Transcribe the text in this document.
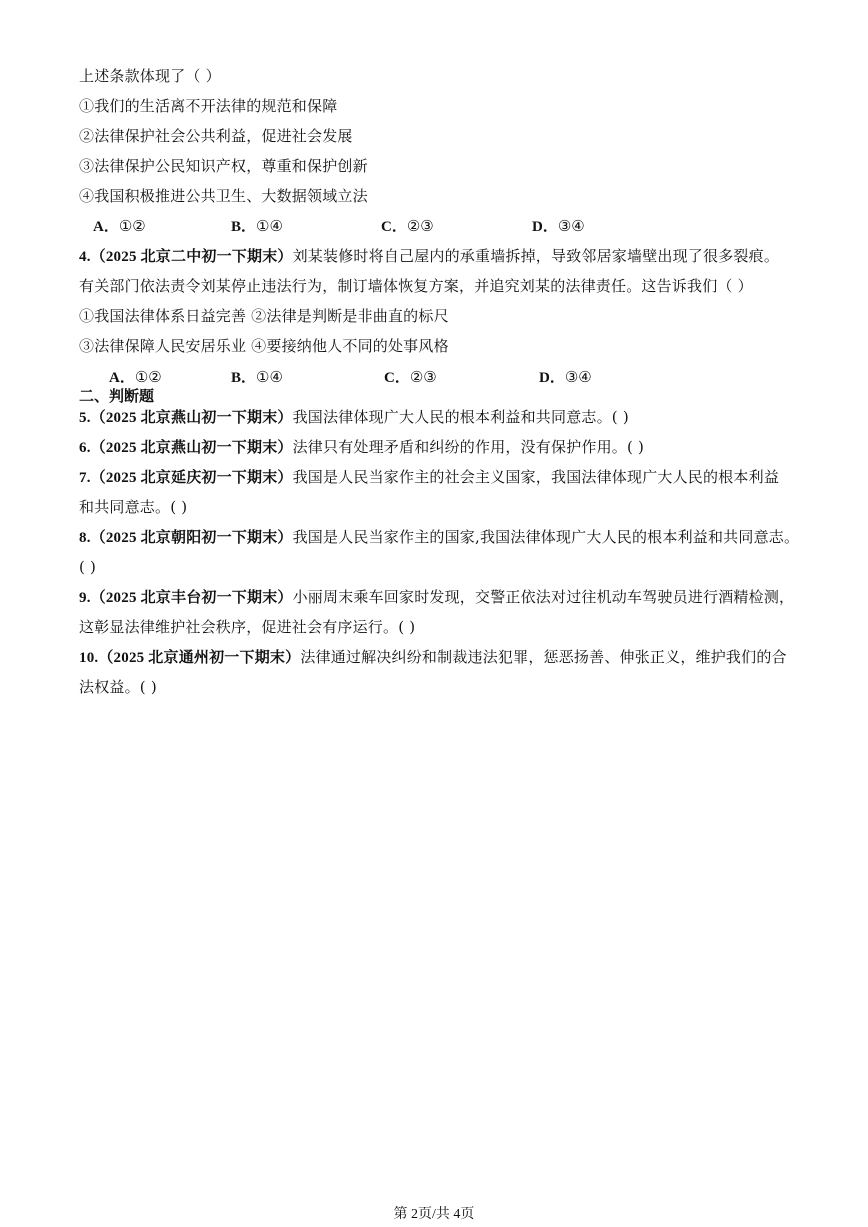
上述条款体现了（ ）
①我们的生活离不开法律的规范和保障
②法律保护社会公共利益，促进社会发展
③法律保护公民知识产权，尊重和保护创新
④我国积极推进公共卫生、大数据领域立法
A．①②	B．①④	C．②③	D．③④
4.（2025 北京二中初一下期末）刘某装修时将自己屋内的承重墙拆掉，导致邻居家墙壁出现了很多裂痕。
有关部门依法责令刘某停止违法行为，制订墙体恢复方案，并追究刘某的法律责任。这告诉我们（ ）
①我国法律体系日益完善 ②法律是判断是非曲直的标尺
③法律保障人民安居乐业 ④要接纳他人不同的处事风格
A．①②	B．①④	C．②③	D．③④
二、判断题
5.（2025 北京燕山初一下期末）我国法律体现广大人民的根本利益和共同意志。( )
6.（2025 北京燕山初一下期末）法律只有处理矛盾和纠纷的作用，没有保护作用。( )
7.（2025 北京延庆初一下期末）我国是人民当家作主的社会主义国家，我国法律体现广大人民的根本利益
和共同意志。( )
8.（2025 北京朝阳初一下期末）我国是人民当家作主的国家,我国法律体现广大人民的根本利益和共同意志。
( )
9.（2025 北京丰台初一下期末）小丽周末乘车回家时发现，交警正依法对过往机动车驾驶员进行酒精检测，
这彰显法律维护社会秩序，促进社会有序运行。( )
10.（2025 北京通州初一下期末）法律通过解决纠纷和制裁违法犯罪，惩恶扬善、伸张正义，维护我们的合
法权益。( )
第 2页/共 4页
